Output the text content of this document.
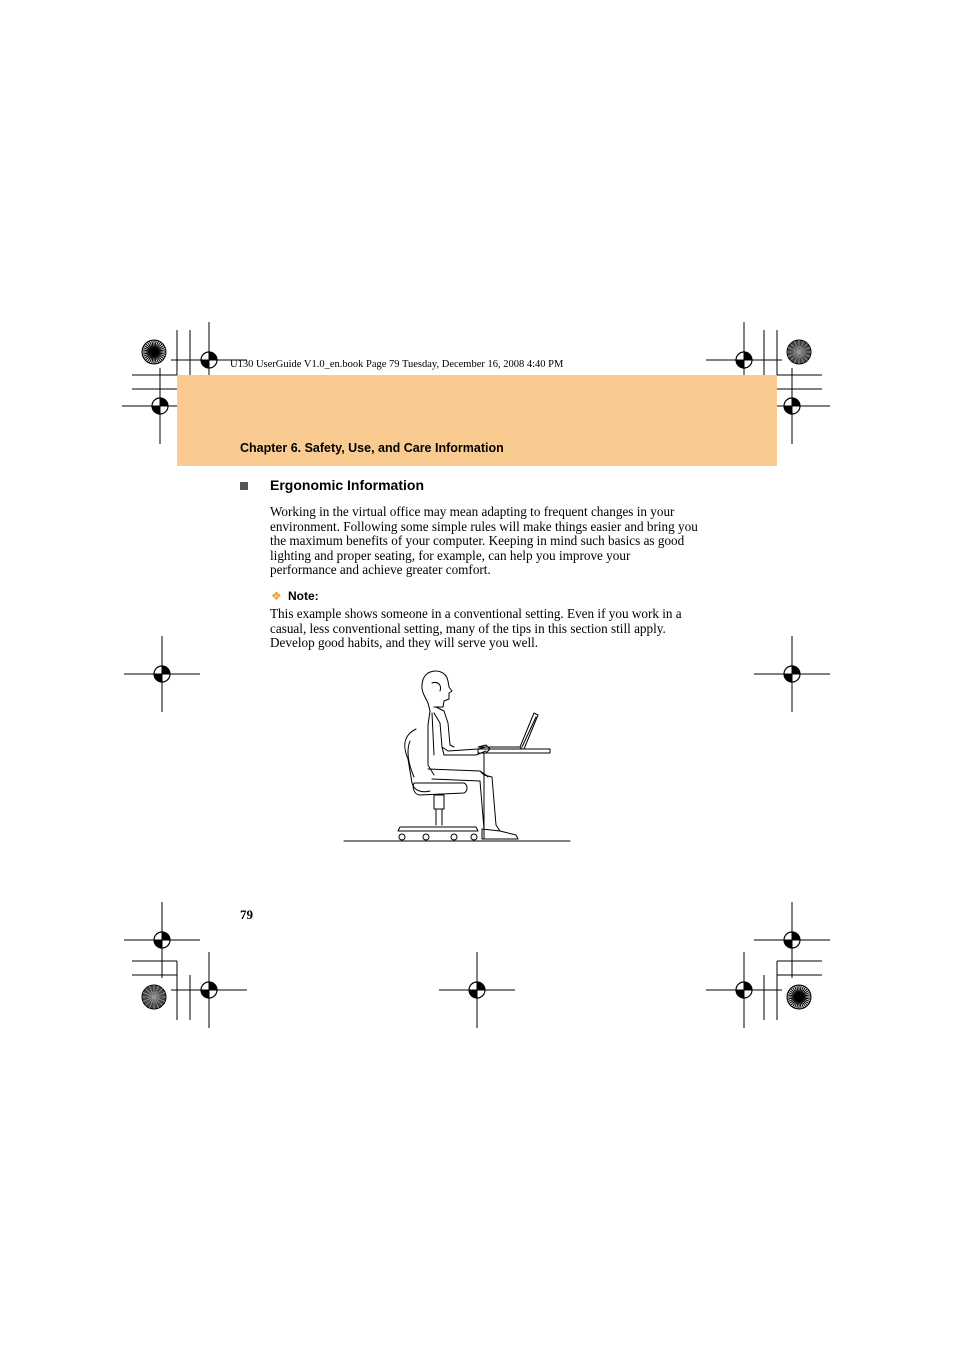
U130 UserGuide V1.0_en.book Page 79 Tuesday, December 16, 2008 4:40 PM
Chapter 6. Safety, Use, and Care Information
Ergonomic Information
Working in the virtual office may mean adapting to frequent changes in your environment. Following some simple rules will make things easier and bring you the maximum benefits of your computer. Keeping in mind such basics as good lighting and proper seating, for example, can help you improve your performance and achieve greater comfort.
❖ Note:
This example shows someone in a conventional setting. Even if you work in a casual, less conventional setting, many of the tips in this section still apply. Develop good habits, and they will serve you well.
79
